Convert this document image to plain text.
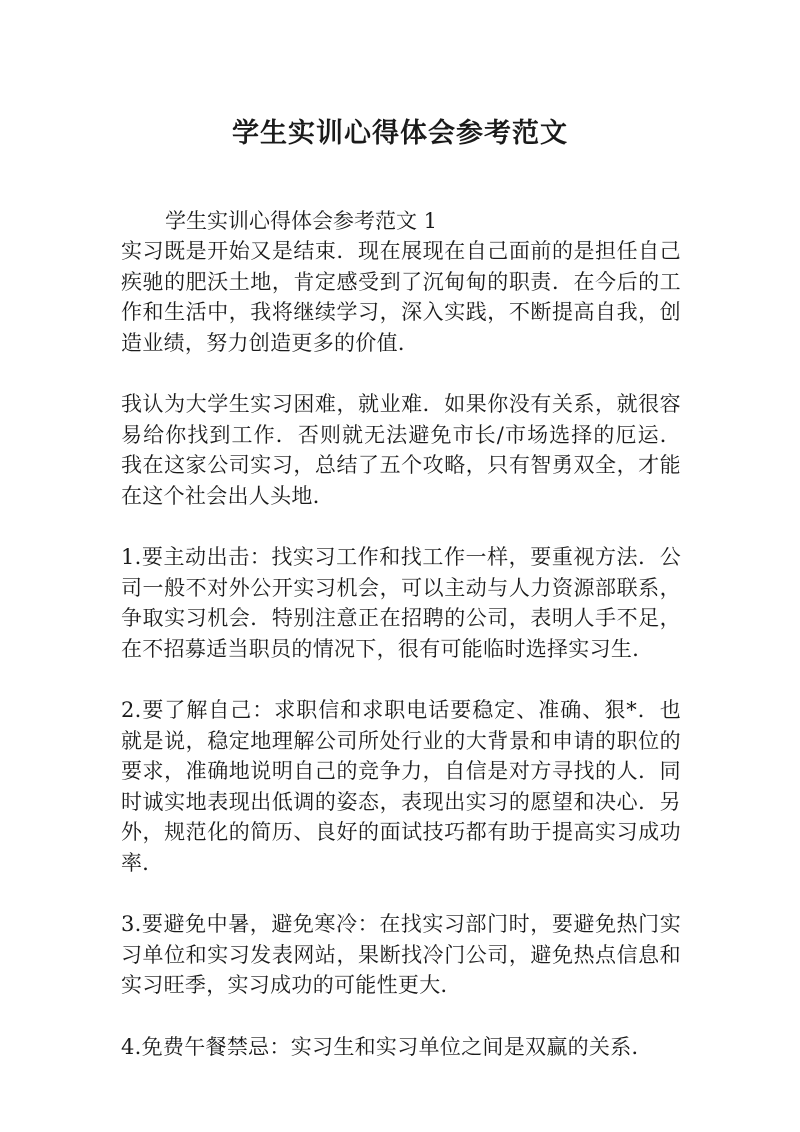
学生实训心得体会参考范文

学生实训心得体会参考范文 1

实习既是开始又是结束．现在展现在自己面前的是担任自己疾驰的肥沃土地，肯定感受到了沉甸甸的职责．在今后的工作和生活中，我将继续学习，深入实践，不断提高自我，创造业绩，努力创造更多的价值．

我认为大学生实习困难，就业难．如果你没有关系，就很容易给你找到工作．否则就无法避免市长/市场选择的厄运．我在这家公司实习，总结了五个攻略，只有智勇双全，才能在这个社会出人头地．

1.要主动出击：找实习工作和找工作一样，要重视方法．公司一般不对外公开实习机会，可以主动与人力资源部联系，争取实习机会．特别注意正在招聘的公司，表明人手不足，在不招募适当职员的情况下，很有可能临时选择实习生．

2.要了解自己：求职信和求职电话要稳定、准确、狠*．也就是说，稳定地理解公司所处行业的大背景和申请的职位的要求，准确地说明自己的竞争力，自信是对方寻找的人．同时诚实地表现出低调的姿态，表现出实习的愿望和决心．另外，规范化的简历、良好的面试技巧都有助于提高实习成功率．

3.要避免中暑，避免寒冷：在找实习部门时，要避免热门实习单位和实习发表网站，果断找冷门公司，避免热点信息和实习旺季，实习成功的可能性更大．

4.免费午餐禁忌：实习生和实习单位之间是双赢的关系．
